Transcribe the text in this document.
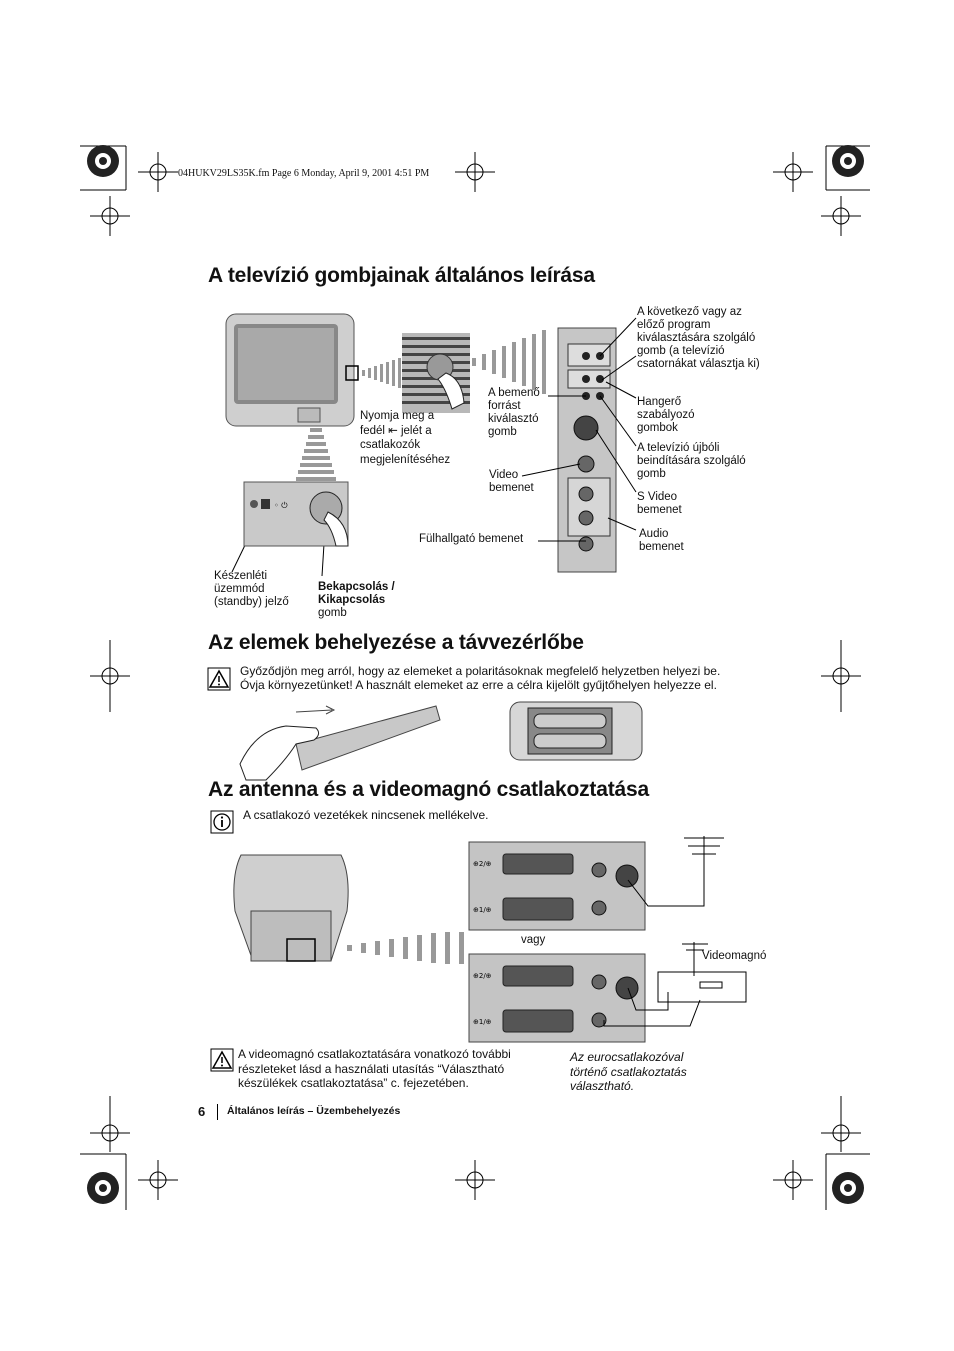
04HUKV29LS35K.fm Page 6 Monday, April 9, 2001 4:51 PM
A televízió gombjainak általános leírása
A következő vagy az előző program kiválasztására szolgáló gomb (a televízió csatornákat választja ki)
A bemenő forrást kiválasztó gomb
Hangerő szabályozó gombok
A televízió újbóli beindítására szolgáló gomb
Video bemenet
S Video bemenet
Fülhallgató bemenet	Audio bemenet
Nyomja meg a
fedél ⇤ jelét a
csatlakozók
megjelenítéséhez
◦ ⏻
Készenléti üzemmód (standby) jelző
Bekapcsolás / Kikapcsolás
gomb
Az elemek behelyezése a távvezérlőbe
Győződjön meg arról, hogy az elemeket a polaritásoknak megfelelő helyzetben helyezi be.
Óvja környezetünket! A használt elemeket az erre a célra kijelölt gyűjtőhelyen helyezze el.
Az antenna és a videomagnó csatlakoztatása
A csatlakozó vezetékek nincsenek mellékelve.
⊕2/⊕
⊕1/⊕
vagy
⊕2/⊕
⊕1/⊕
Videomagnó
A videomagnó csatlakoztatására vonatkozó további
részleteket lásd a használati utasítás “Választható
készülékek csatlakoztatása” c. fejezetében.
Az eurocsatlakozóval
történő csatlakoztatás
választható.
6 Általános leírás – Üzembehelyezés
